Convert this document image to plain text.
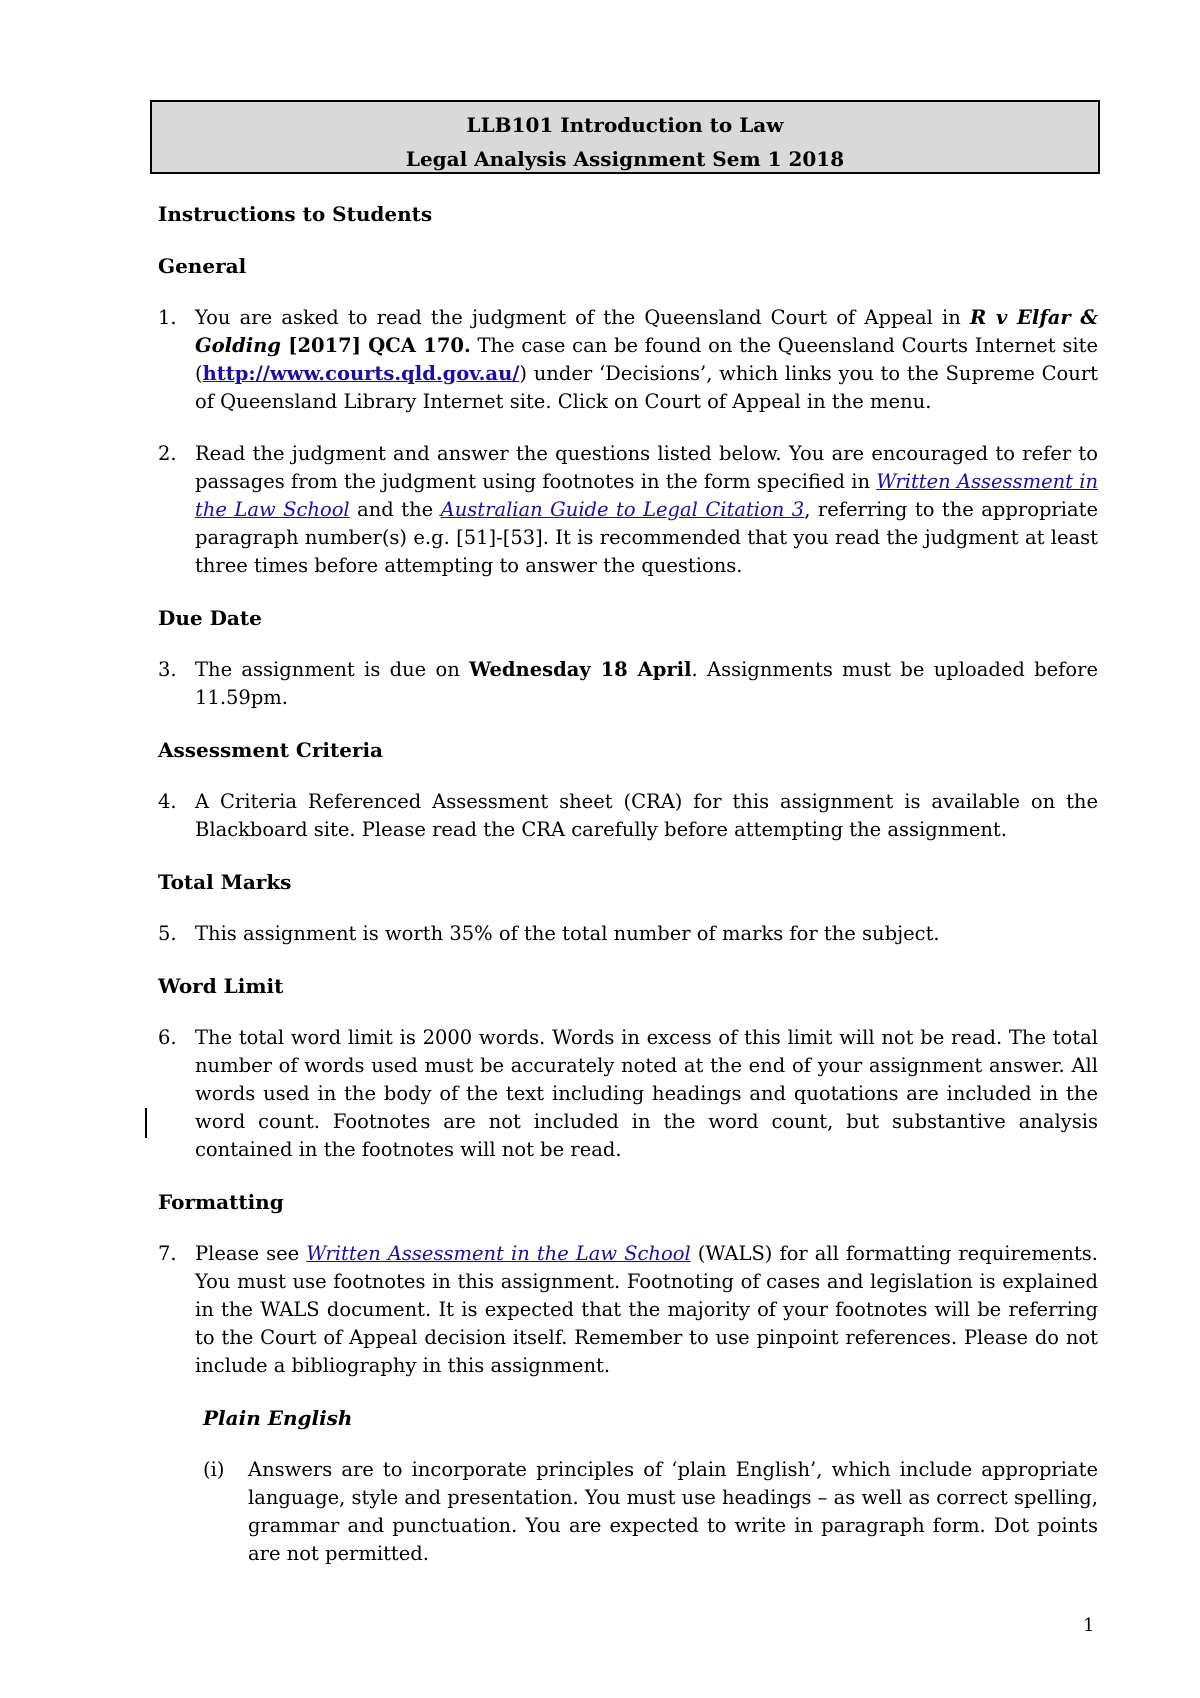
LLB101 Introduction to Law
Legal Analysis Assignment Sem 1 2018
Instructions to Students
General
1. You are asked to read the judgment of the Queensland Court of Appeal in R v Elfar & Golding [2017] QCA 170. The case can be found on the Queensland Courts Internet site (http://www.courts.qld.gov.au/) under ‘Decisions’, which links you to the Supreme Court of Queensland Library Internet site. Click on Court of Appeal in the menu.
2. Read the judgment and answer the questions listed below. You are encouraged to refer to passages from the judgment using footnotes in the form specified in Written Assessment in the Law School and the Australian Guide to Legal Citation 3, referring to the appropriate paragraph number(s) e.g. [51]-[53]. It is recommended that you read the judgment at least three times before attempting to answer the questions.
Due Date
3. The assignment is due on Wednesday 18 April. Assignments must be uploaded before 11.59pm.
Assessment Criteria
4. A Criteria Referenced Assessment sheet (CRA) for this assignment is available on the Blackboard site. Please read the CRA carefully before attempting the assignment.
Total Marks
5. This assignment is worth 35% of the total number of marks for the subject.
Word Limit
6. The total word limit is 2000 words. Words in excess of this limit will not be read. The total number of words used must be accurately noted at the end of your assignment answer. All words used in the body of the text including headings and quotations are included in the word count. Footnotes are not included in the word count, but substantive analysis contained in the footnotes will not be read.
Formatting
7. Please see Written Assessment in the Law School (WALS) for all formatting requirements. You must use footnotes in this assignment. Footnoting of cases and legislation is explained in the WALS document. It is expected that the majority of your footnotes will be referring to the Court of Appeal decision itself. Remember to use pinpoint references. Please do not include a bibliography in this assignment.
Plain English
(i)	Answers are to incorporate principles of ‘plain English’, which include appropriate language, style and presentation. You must use headings – as well as correct spelling, grammar and punctuation. You are expected to write in paragraph form. Dot points are not permitted.
1
